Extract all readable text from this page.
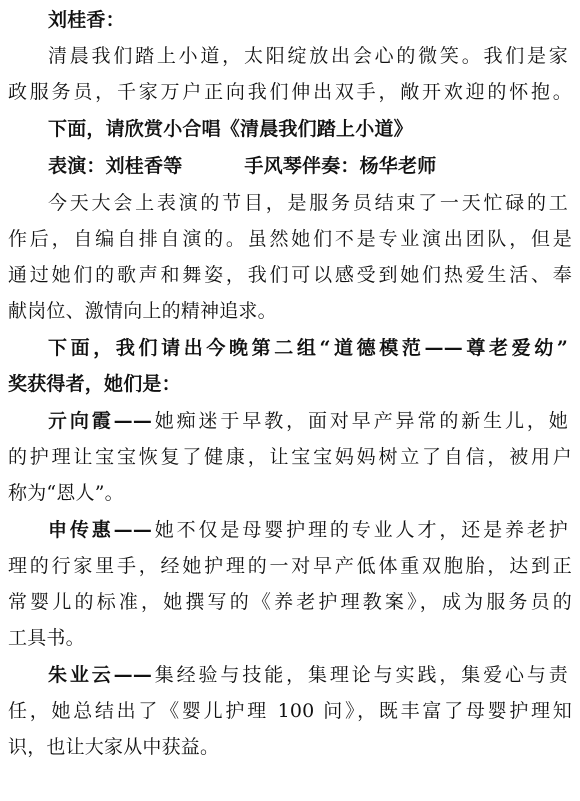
刘桂香：
清晨我们踏上小道，太阳绽放出会心的微笑。我们是家
政服务员，千家万户正向我们伸出双手，敞开欢迎的怀抱。
下面，请欣赏小合唱《清晨我们踏上小道》
表演：刘桂香等	手风琴伴奏：杨华老师
今天大会上表演的节目，是服务员结束了一天忙碌的工
作后，自编自排自演的。虽然她们不是专业演出团队，但是
通过她们的歌声和舞姿，我们可以感受到她们热爱生活、奉
献岗位、激情向上的精神追求。
下面，我们请出今晚第二组“道德模范——尊老爱幼”
奖获得者，她们是：
亓向霞——她痴迷于早教，面对早产异常的新生儿，她
的护理让宝宝恢复了健康，让宝宝妈妈树立了自信，被用户
称为“恩人”。
申传惠——她不仅是母婴护理的专业人才，还是养老护
理的行家里手，经她护理的一对早产低体重双胞胎，达到正
常婴儿的标准，她撰写的《养老护理教案》，成为服务员的
工具书。
朱业云——集经验与技能，集理论与实践，集爱心与责
任，她总结出了《婴儿护理 100 问》，既丰富了母婴护理知
识，也让大家从中获益。
